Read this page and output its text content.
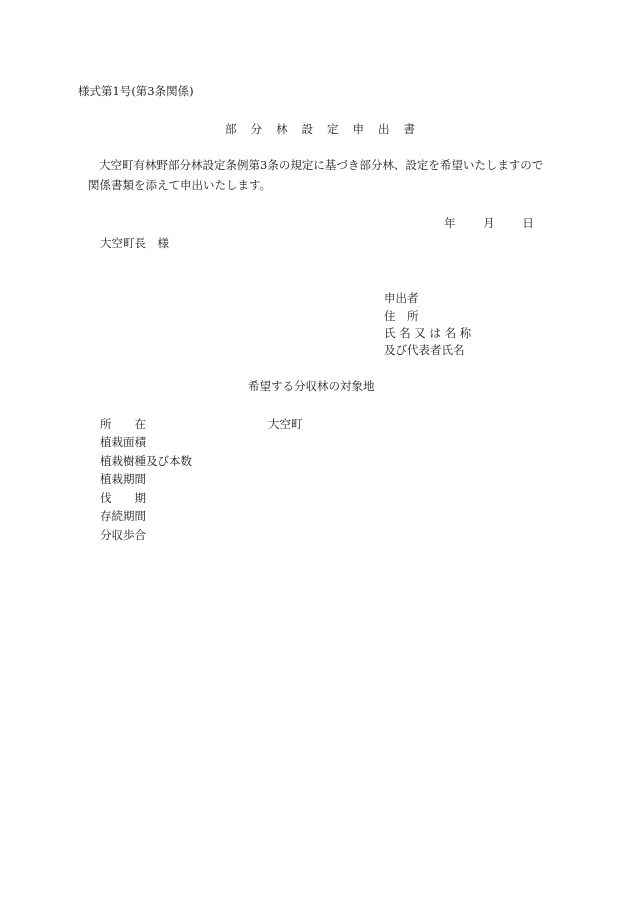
様式第1号(第3条関係)
部 分 林 設 定 申 出 書
大空町有林野部分林設定条例第3条の規定に基づき部分林、設定を希望いたしますので
関係書類を添えて申出いたします。
年 月 日
大空町長　様
申出者
住　所
氏 名 又 は 名 称
及び代表者氏名
希望する分収林の対象地
所　　在	大空町
植栽面積
植栽樹種及び本数
植栽期間
伐　　期
存続期間
分収歩合
